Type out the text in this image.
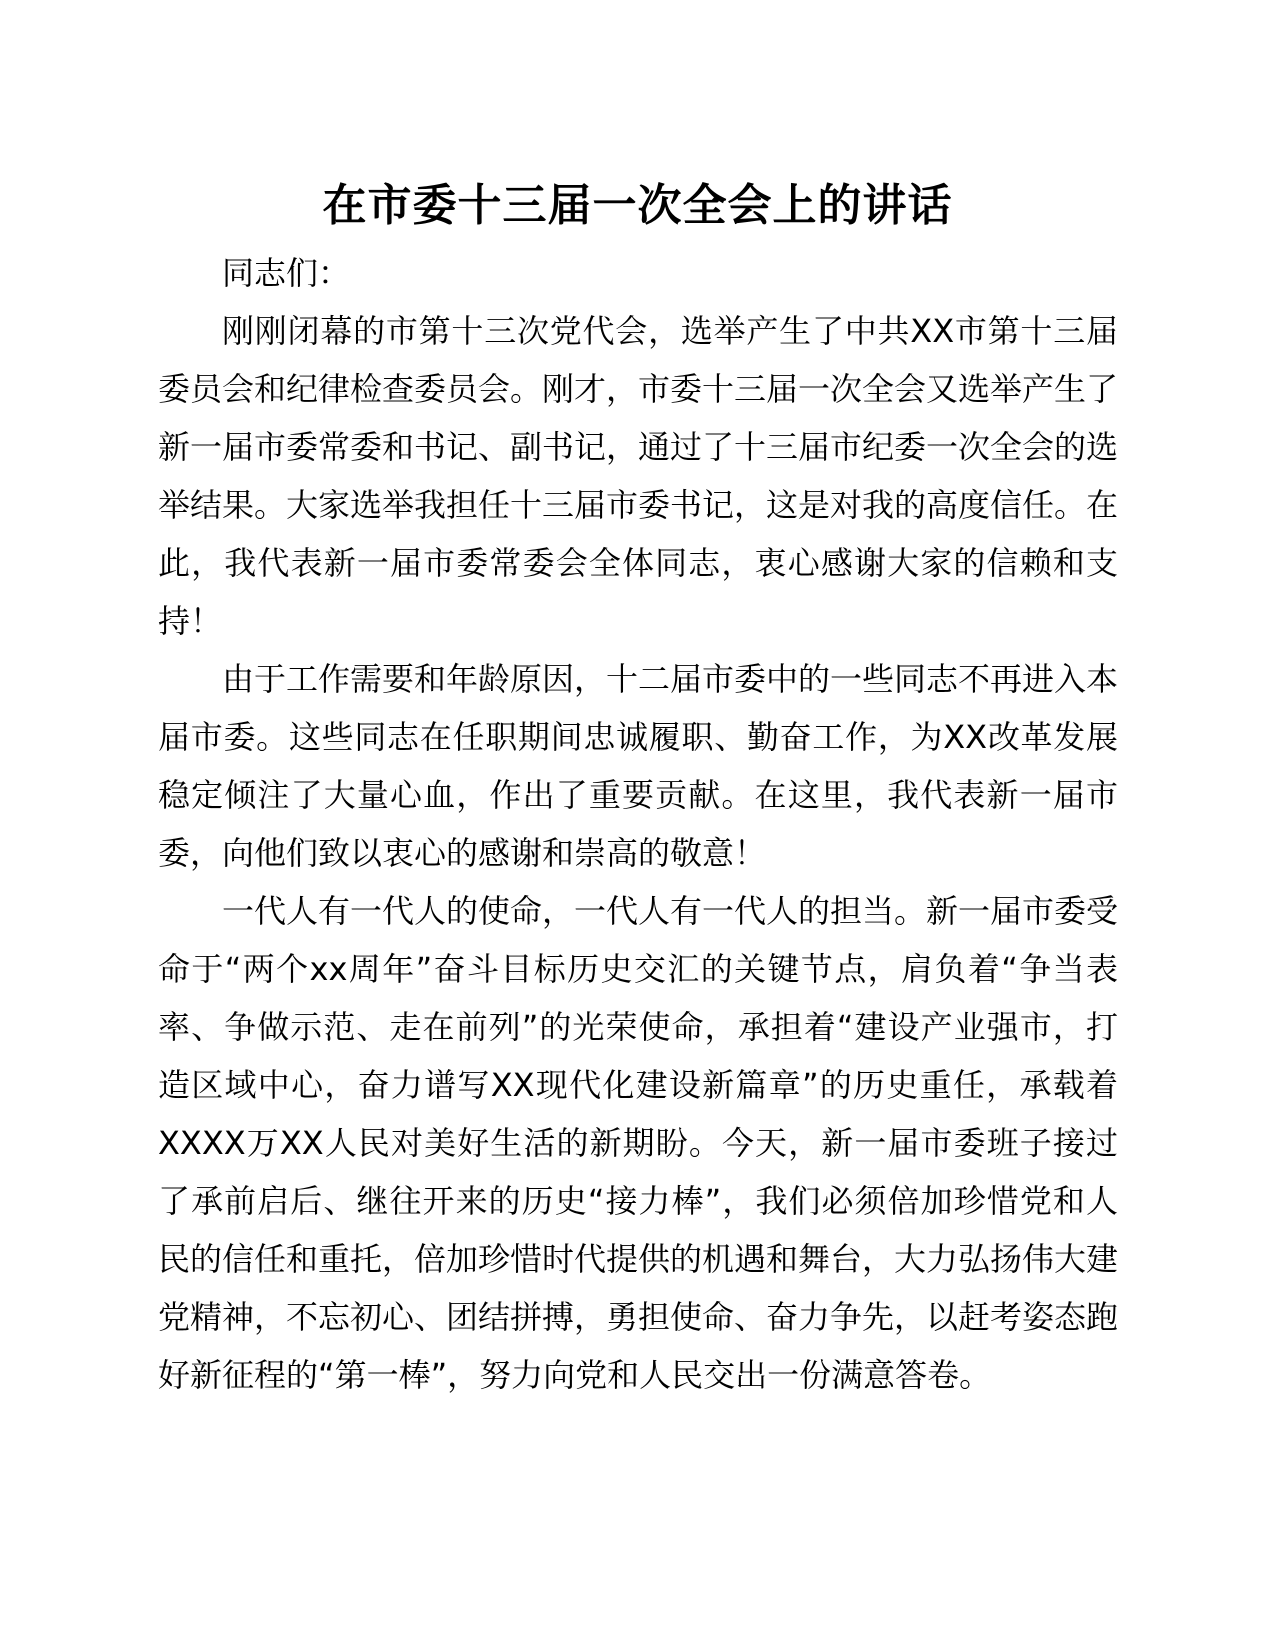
在市委十三届一次全会上的讲话

同志们：

刚刚闭幕的市第十三次党代会，选举产生了中共XX市第十三届委员会和纪律检查委员会。刚才，市委十三届一次全会又选举产生了新一届市委常委和书记、副书记，通过了十三届市纪委一次全会的选举结果。大家选举我担任十三届市委书记，这是对我的高度信任。在此，我代表新一届市委常委会全体同志，衷心感谢大家的信赖和支持！

由于工作需要和年龄原因，十二届市委中的一些同志不再进入本届市委。这些同志在任职期间忠诚履职、勤奋工作，为XX改革发展稳定倾注了大量心血，作出了重要贡献。在这里，我代表新一届市委，向他们致以衷心的感谢和崇高的敬意！

一代人有一代人的使命，一代人有一代人的担当。新一届市委受命于“两个xx周年”奋斗目标历史交汇的关键节点，肩负着“争当表率、争做示范、走在前列”的光荣使命，承担着“建设产业强市，打造区域中心，奋力谱写XX现代化建设新篇章”的历史重任，承载着XXXX万XX人民对美好生活的新期盼。今天，新一届市委班子接过了承前启后、继往开来的历史“接力棒”，我们必须倍加珍惜党和人民的信任和重托，倍加珍惜时代提供的机遇和舞台，大力弘扬伟大建党精神，不忘初心、团结拼搏，勇担使命、奋力争先，以赶考姿态跑好新征程的“第一棒”，努力向党和人民交出一份满意答卷。
